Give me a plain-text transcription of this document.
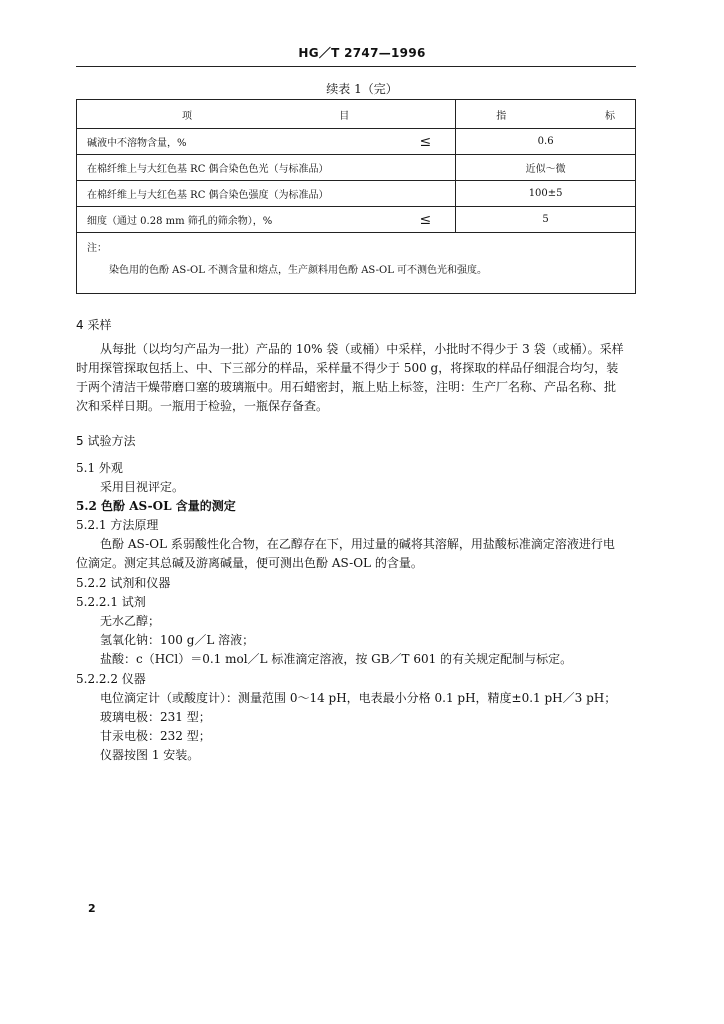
HG／T 2747—1996
续表 1（完）
项 目	指 标

碱液中不溶物含量，% ≤	0.6

在棉纤维上与大红色基 RC 偶合染色色光（与标准品）	近似～微

在棉纤维上与大红色基 RC 偶合染色强度（为标准品）	100±5

细度（通过 0.28 mm 筛孔的筛余物），% ≤	5

注：
染色用的色酚 AS-OL 不测含量和熔点，生产颜料用色酚 AS-OL 可不测色光和强度。	
4 采样
从每批（以均匀产品为一批）产品的 10% 袋（或桶）中采样，小批时不得少于 3 袋（或桶）。采样
时用探管探取包括上、中、下三部分的样品，采样量不得少于 500 g，将探取的样品仔细混合均匀，装
于两个清洁干燥带磨口塞的玻璃瓶中。用石蜡密封，瓶上贴上标签，注明：生产厂名称、产品名称、批
次和采样日期。一瓶用于检验，一瓶保存备查。
5 试验方法
5.1 外观
采用目视评定。
5.2 色酚 AS-OL 含量的测定
5.2.1 方法原理
色酚 AS-OL 系弱酸性化合物，在乙醇存在下，用过量的碱将其溶解，用盐酸标准滴定溶液进行电
位滴定。测定其总碱及游离碱量，便可测出色酚 AS-OL 的含量。
5.2.2 试剂和仪器
5.2.2.1 试剂
无水乙醇；
氢氧化钠：100 g／L 溶液；
盐酸：c（HCl）＝0.1 mol／L 标准滴定溶液，按 GB／T 601 的有关规定配制与标定。
5.2.2.2 仪器
电位滴定计（或酸度计）：测量范围 0～14 pH，电表最小分格 0.1 pH，精度±0.1 pH／3 pH；
玻璃电极：231 型；
甘汞电极：232 型；
仪器按图 1 安装。
2
